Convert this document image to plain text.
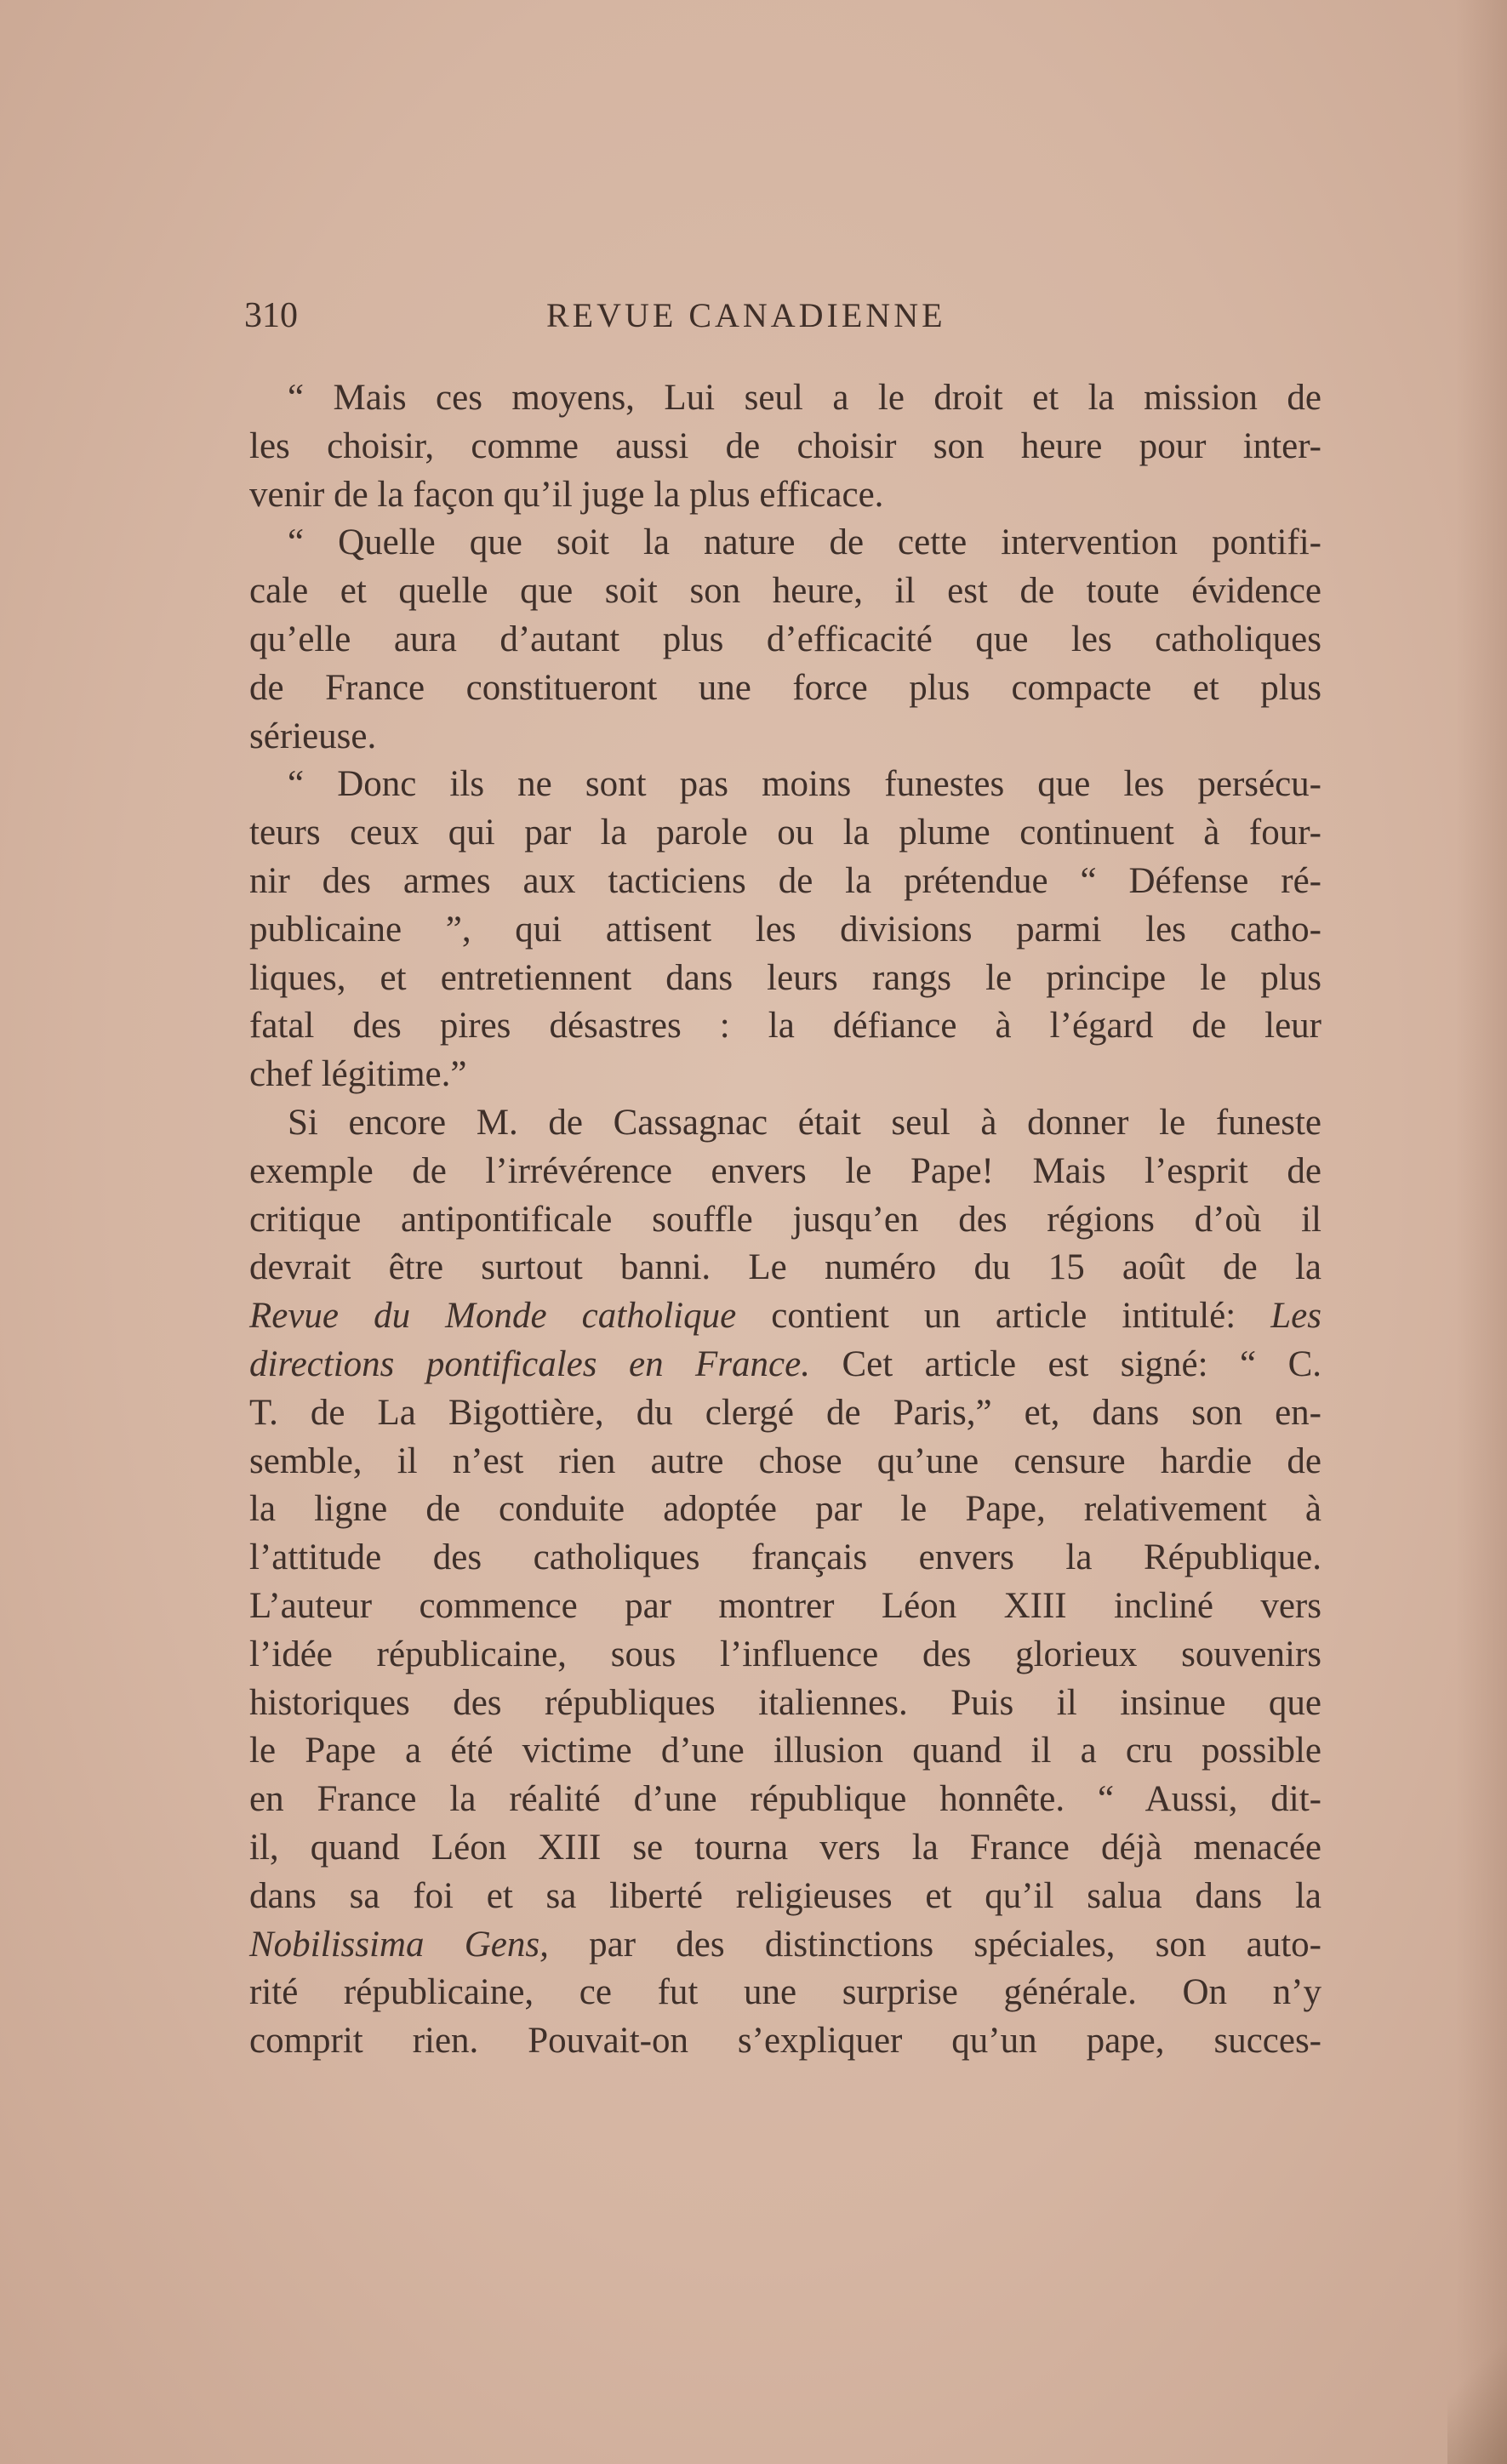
310	REVUE CANADIENNE
“ Mais ces moyens, Lui seul a le droit et la mission de
les choisir, comme aussi de choisir son heure pour inter-
venir de la façon qu’il juge la plus efficace.
“ Quelle que soit la nature de cette intervention pontifi-
cale et quelle que soit son heure, il est de toute évidence
qu’elle aura d’autant plus d’efficacité que les catholiques
de France constitueront une force plus compacte et plus
sérieuse.
“ Donc ils ne sont pas moins funestes que les persécu-
teurs ceux qui par la parole ou la plume continuent à four-
nir des armes aux tacticiens de la prétendue “ Défense ré-
publicaine ”, qui attisent les divisions parmi les catho-
liques, et entretiennent dans leurs rangs le principe le plus
fatal des pires désastres : la défiance à l’égard de leur
chef légitime.”
Si encore M. de Cassagnac était seul à donner le funeste
exemple de l’irrévérence envers le Pape! Mais l’esprit de
critique antipontificale souffle jusqu’en des régions d’où il
devrait être surtout banni. Le numéro du 15 août de la
Revue du Monde catholique contient un article intitulé: Les
directions pontificales en France. Cet article est signé: “ C.
T. de La Bigottière, du clergé de Paris,” et, dans son en-
semble, il n’est rien autre chose qu’une censure hardie de
la ligne de conduite adoptée par le Pape, relativement à
l’attitude des catholiques français envers la République.
L’auteur commence par montrer Léon XIII incliné vers
l’idée républicaine, sous l’influence des glorieux souvenirs
historiques des républiques italiennes. Puis il insinue que
le Pape a été victime d’une illusion quand il a cru possible
en France la réalité d’une république honnête. “ Aussi, dit-
il, quand Léon XIII se tourna vers la France déjà menacée
dans sa foi et sa liberté religieuses et qu’il salua dans la
Nobilissima Gens, par des distinctions spéciales, son auto-
rité républicaine, ce fut une surprise générale. On n’y
comprit rien. Pouvait-on s’expliquer qu’un pape, succes-
